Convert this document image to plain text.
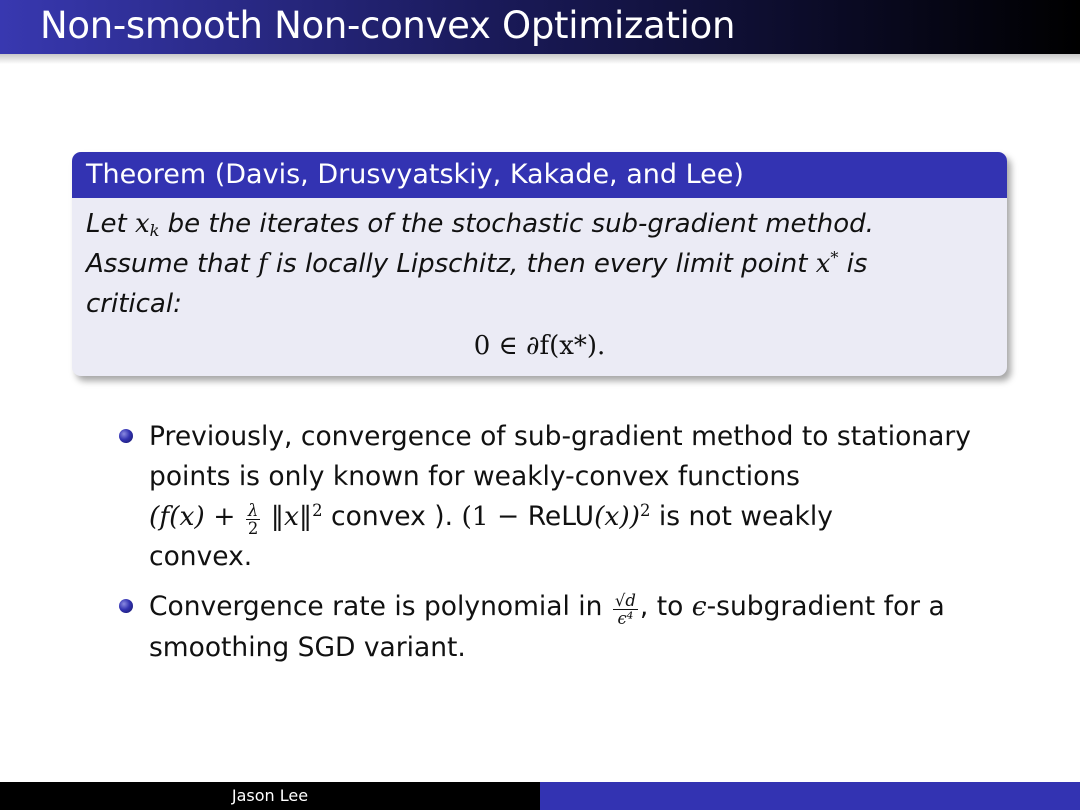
Non-smooth Non-convex Optimization
Theorem (Davis, Drusvyatskiy, Kakade, and Lee)
Let $x_k$ be the iterates of the stochastic sub-gradient method.
Assume that f is locally Lipschitz, then every limit point x* is
critical:
0 ∈ ∂f(x*).
Previously, convergence of sub-gradient method to stationary
points is only known for weakly-convex functions
($f(x) + \frac{\lambda}{2}$ ‖x‖$^2$ convex ). (1 − ReLU(x))$^2$ is not weakly
convex.
Convergence rate is polynomial in $\frac{√d}{\text{ϵ⁴}}$ , to ϵ-subgradient for a
smoothing SGD variant.
Jason Lee
